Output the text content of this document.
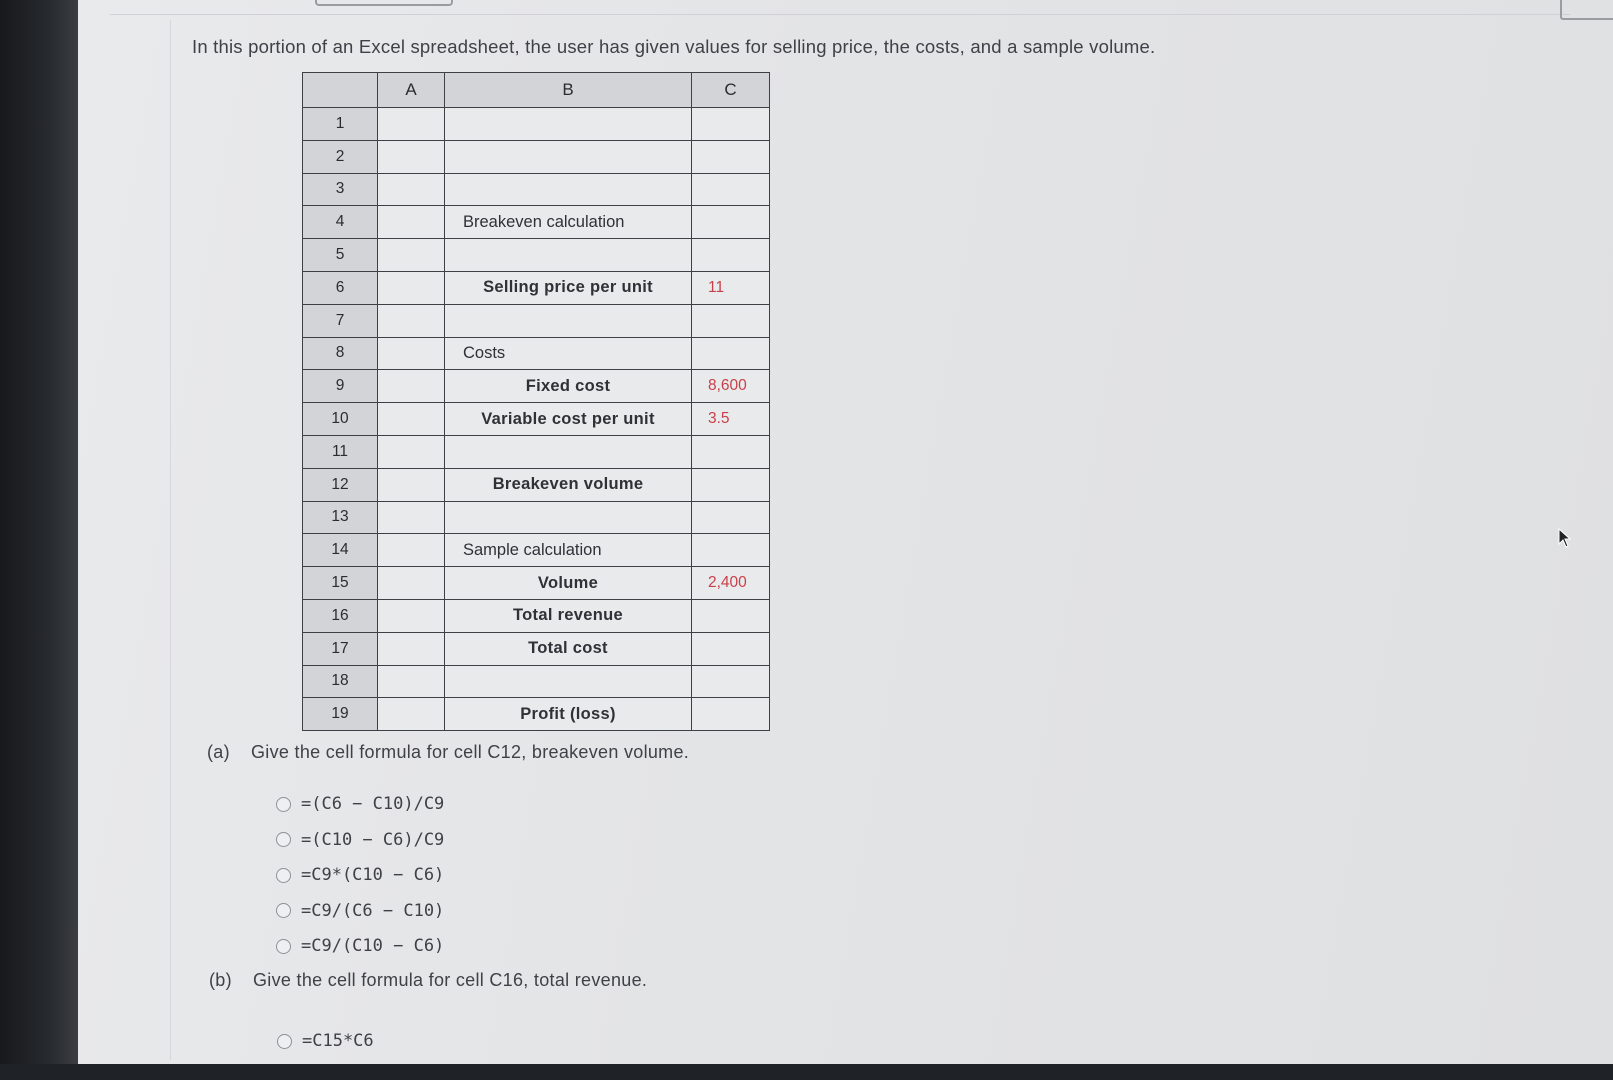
In this portion of an Excel spreadsheet, the user has given values for selling price, the costs, and a sample volume.
	A	B	C
1			
2			
3			
4		Breakeven calculation	
5			
6		Selling price per unit	11
7			
8		Costs	
9		Fixed cost	8,600
10		Variable cost per unit	3.5
11			
12		Breakeven volume	
13			
14		Sample calculation	
15		Volume	2,400
16		Total revenue	
17		Total cost	
18			
19		Profit (loss)	
(a) Give the cell formula for cell C12, breakeven volume.
=(C6 − C10)/C9
=(C10 − C6)/C9
=C9*(C10 − C6)
=C9/(C6 − C10)
=C9/(C10 − C6)
(b) Give the cell formula for cell C16, total revenue.
=C15*C6
